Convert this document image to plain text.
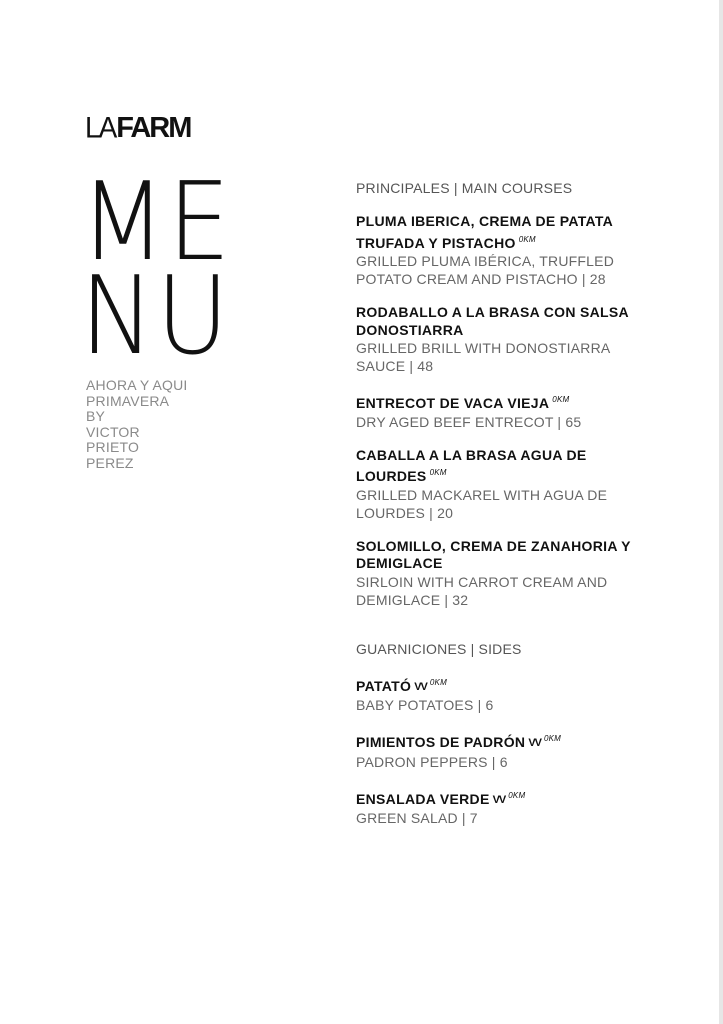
LA FARM
ME
NU
AHORA Y AQUI
PRIMAVERA
BY
VICTOR
PRIETO
PEREZ
PRINCIPALES | MAIN COURSES
PLUMA IBERICA, CREMA DE PATATA TRUFADA Y PISTACHO $^{0KM}$
GRILLED PLUMA IBÉRICA, TRUFFLED POTATO CREAM AND PISTACHO | 28
RODABALLO A LA BRASA CON SALSA DONOSTIARRA
GRILLED BRILL WITH DONOSTIARRA SAUCE | 48
ENTRECOT DE VACA VIEJA $^{0KM}$
DRY AGED BEEF ENTRECOT | 65
CABALLA A LA BRASA AGUA DE LOURDES $^{0KM}$
GRILLED MACKAREL WITH AGUA DE LOURDES | 20
SOLOMILLO, CREMA DE ZANAHORIA Y DEMIGLACE
SIRLOIN WITH CARROT CREAM AND DEMIGLACE | 32
GUARNICIONES | SIDES
PATATÓ VV $^{0KM}$
BABY POTATOES | 6
PIMIENTOS DE PADRÓN VV $^{0KM}$
PADRON PEPPERS | 6
ENSALADA VERDE VV $^{0KM}$
GREEN SALAD | 7
